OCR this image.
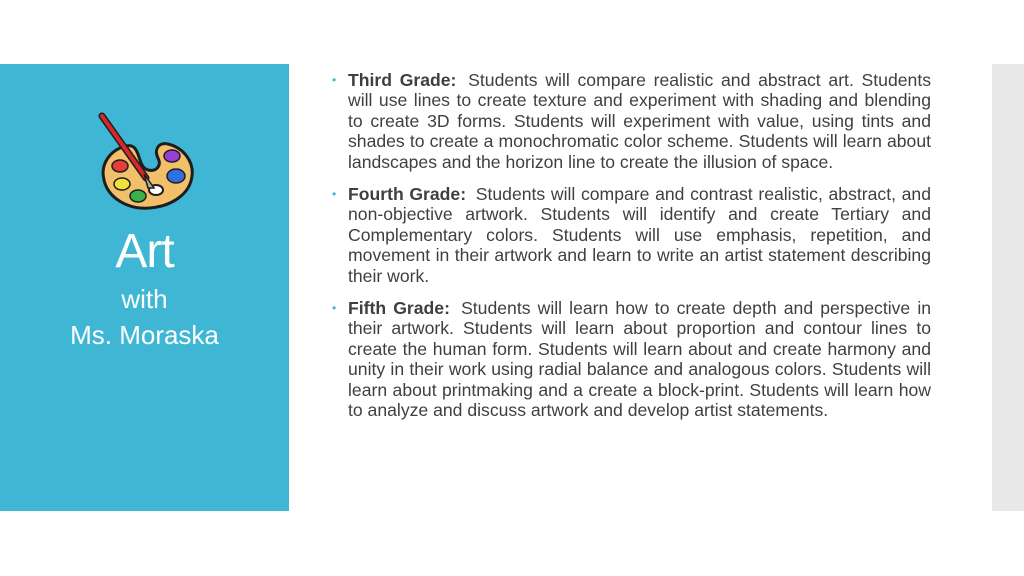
Art
with
Ms. Moraska
• Third Grade: Students will compare realistic and abstract art. Students will use lines to create texture and experiment with shading and blending to create 3D forms. Students will experiment with value, using tints and shades to create a monochromatic color scheme. Students will learn about landscapes and the horizon line to create the illusion of space.
• Fourth Grade: Students will compare and contrast realistic, abstract, and non-objective artwork. Students will identify and create Tertiary and Complementary colors. Students will use emphasis, repetition, and movement in their artwork and learn to write an artist statement describing their work.
• Fifth Grade: Students will learn how to create depth and perspective in their artwork. Students will learn about proportion and contour lines to create the human form. Students will learn about and create harmony and unity in their work using radial balance and analogous colors. Students will learn about printmaking and a create a block-print. Students will learn how to analyze and discuss artwork and develop artist statements.
